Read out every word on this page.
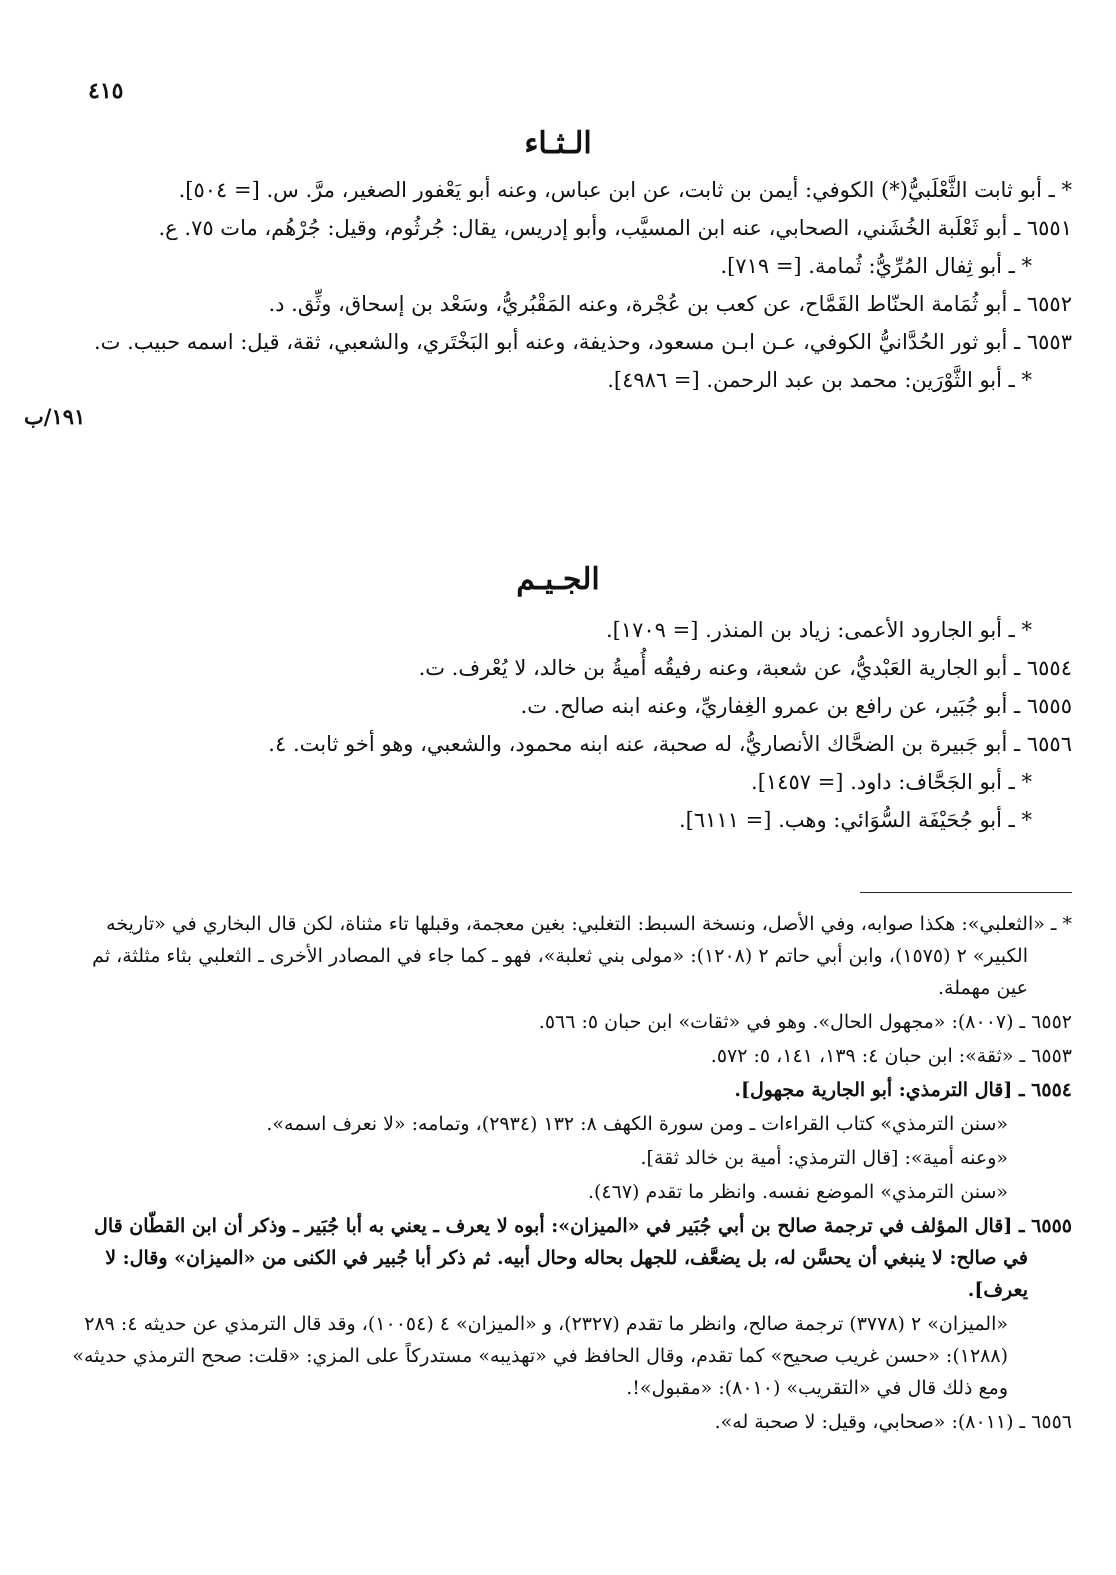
٤١٥
الـثـاء

* ـ أبو ثابت الثَّعْلَبيُّ(*) الكوفي: أيمن بن ثابت، عن ابن عباس، وعنه أبو يَعْفور الصغير، مرَّ. س. [= ٥٠٤].

٦٥٥١ ـ أبو ثَعْلَبة الخُشَني، الصحابي، عنه ابن المسيَّب، وأبو إدريس، يقال: جُرثُوم، وقيل: جُرْهُم، مات ٧٥. ع.

* ـ أبو ثِفال المُرِّيُّ: ثُمامة. [= ٧١٩].

٦٥٥٢ ـ أبو ثُمَامة الحنّاط القَمَّاح، عن كعب بن عُجْرة، وعنه المَقْبُريُّ، وسَعْد بن إسحاق، وثِّق. د.

٦٥٥٣ ـ أبو ثور الحُدَّانيُّ الكوفي، عـن ابـن مسعود، وحذيفة، وعنه أبو البَخْتَري، والشعبي، ثقة، قيل: اسمه حبيب. ت.

* ـ أبو الثَّوْرَين: محمد بن عبد الرحمن. [= ٤٩٨٦].

١٩١/ب
الجـيـم

* ـ أبو الجارود الأعمى: زياد بن المنذر. [= ١٧٠٩].

٦٥٥٤ ـ أبو الجارية العَبْديُّ، عن شعبة، وعنه رفيقُه أُميةُ بن خالد، لا يُعْرف. ت.

٦٥٥٥ ـ أبو جُبَير، عن رافع بن عمرو الغِفاريِّ، وعنه ابنه صالح. ت.

٦٥٥٦ ـ أبو جَبيرة بن الضحَّاك الأنصاريُّ، له صحبة، عنه ابنه محمود، والشعبي، وهو أخو ثابت. ٤.

* ـ أبو الجَحَّاف: داود. [= ١٤٥٧].

* ـ أبو جُحَيْفَة السُّوَائي: وهب. [= ٦١١١].

* ـ «الثعلبي»: هكذا صوابه، وفي الأصل، ونسخة السبط: التغلبي: بغين معجمة، وقبلها تاء مثناة، لكن قال البخاري في «تاريخه الكبير» ٢ (١٥٧٥)، وابن أبي حاتم ٢ (١٢٠٨): «مولى بني ثعلبة»، فهو ـ كما جاء في المصادر الأخرى ـ الثعلبي بثاء مثلثة، ثم عين مهملة.

٦٥٥٢ ـ (٨٠٠٧): «مجهول الحال». وهو في «ثقات» ابن حبان ٥: ٥٦٦.

٦٥٥٣ ـ «ثقة»: ابن حبان ٤: ١٣٩، ١٤١، ٥: ٥٧٢.

٦٥٥٤ ـ [قال الترمذي: أبو الجارية مجهول].

«سنن الترمذي» كتاب القراءات ـ ومن سورة الكهف ٨: ١٣٢ (٢٩٣٤)، وتمامه: «لا نعرف اسمه».

«وعنه أمية»: [قال الترمذي: أمية بن خالد ثقة].

«سنن الترمذي» الموضع نفسه. وانظر ما تقدم (٤٦٧).

٦٥٥٥ ـ [قال المؤلف في ترجمة صالح بن أبي جُبَير في «الميزان»: أبوه لا يعرف ـ يعني به أبا جُبَير ـ وذكر أن ابن القطّان قال في صالح: لا ينبغي أن يحسَّن له، بل يضعَّف، للجهل بحاله وحال أبيه. ثم ذكر أبا جُبير في الكنى من «الميزان» وقال: لا يعرف].

«الميزان» ٢ (٣٧٧٨) ترجمة صالح، وانظر ما تقدم (٢٣٢٧)، و «الميزان» ٤ (١٠٠٥٤)، وقد قال الترمذي عن حديثه ٤: ٢٨٩ (١٢٨٨): «حسن غريب صحيح» كما تقدم، وقال الحافظ في «تهذيبه» مستدركاً على المزي: «قلت: صحح الترمذي حديثه» ومع ذلك قال في «التقريب» (٨٠١٠): «مقبول»!.

٦٥٥٦ ـ (٨٠١١): «صحابي، وقيل: لا صحبة له».
